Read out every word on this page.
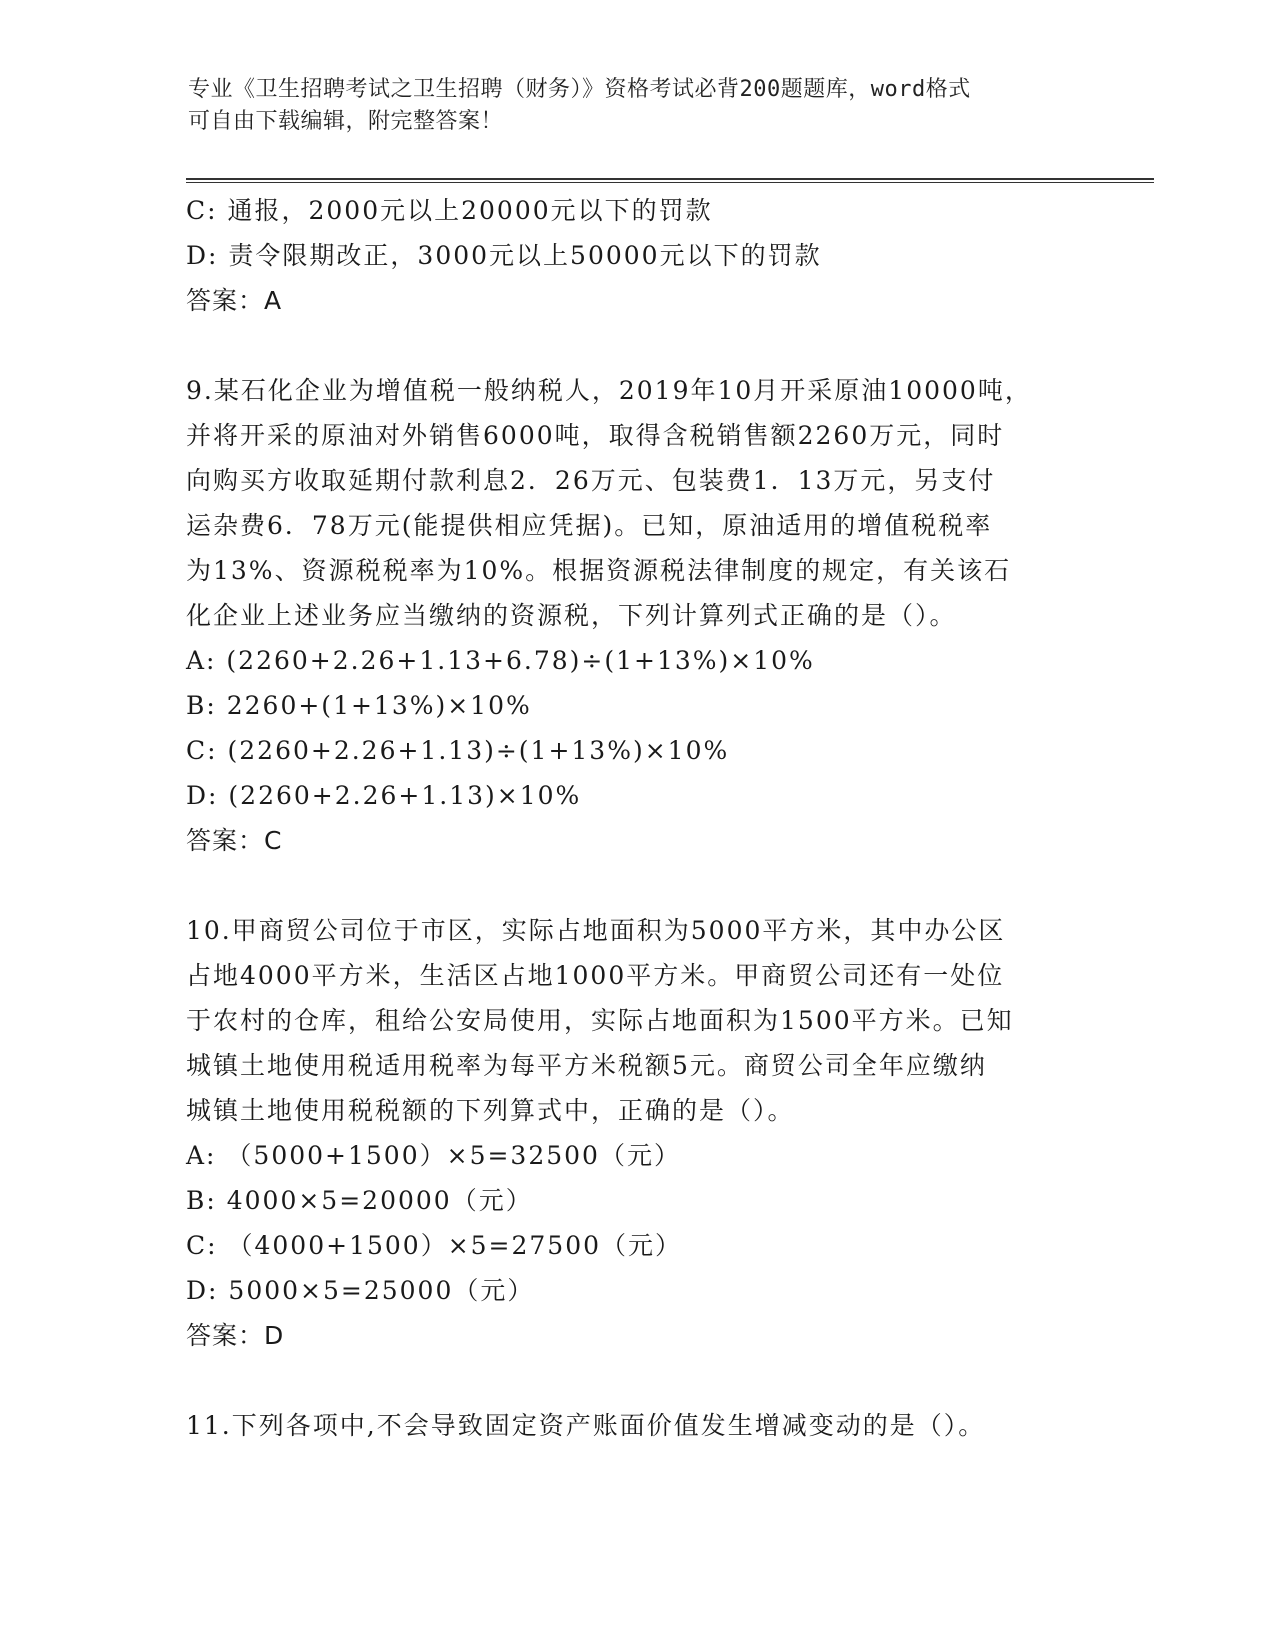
专业《卫生招聘考试之卫生招聘（财务）》资格考试必背200题题库，word格式
可自由下载编辑，附完整答案！
C: 通报，2000元以上20000元以下的罚款
D: 责令限期改正，3000元以上50000元以下的罚款
答案：A
9.某石化企业为增值税一般纳税人，2019年10月开采原油10000吨，
并将开采的原油对外销售6000吨，取得含税销售额2260万元，同时
向购买方收取延期付款利息2．26万元、包装费1．13万元，另支付
运杂费6．78万元(能提供相应凭据)。已知，原油适用的增值税税率
为13%、资源税税率为10%。根据资源税法律制度的规定，有关该石
化企业上述业务应当缴纳的资源税，下列计算列式正确的是（）。
A: (2260+2.26+1.13+6.78)÷(1+13%)×10%
B: 2260+(1+13%)×10%
C: (2260+2.26+1.13)÷(1+13%)×10%
D: (2260+2.26+1.13)×10%
答案：C
10.甲商贸公司位于市区，实际占地面积为5000平方米，其中办公区
占地4000平方米，生活区占地1000平方米。甲商贸公司还有一处位
于农村的仓库，租给公安局使用，实际占地面积为1500平方米。已知
城镇土地使用税适用税率为每平方米税额5元。商贸公司全年应缴纳
城镇土地使用税税额的下列算式中，正确的是（）。
A: （5000+1500）×5=32500（元）
B: 4000×5=20000（元）
C: （4000+1500）×5=27500（元）
D: 5000×5=25000（元）
答案：D
11.下列各项中,不会导致固定资产账面价值发生增减变动的是（）。
